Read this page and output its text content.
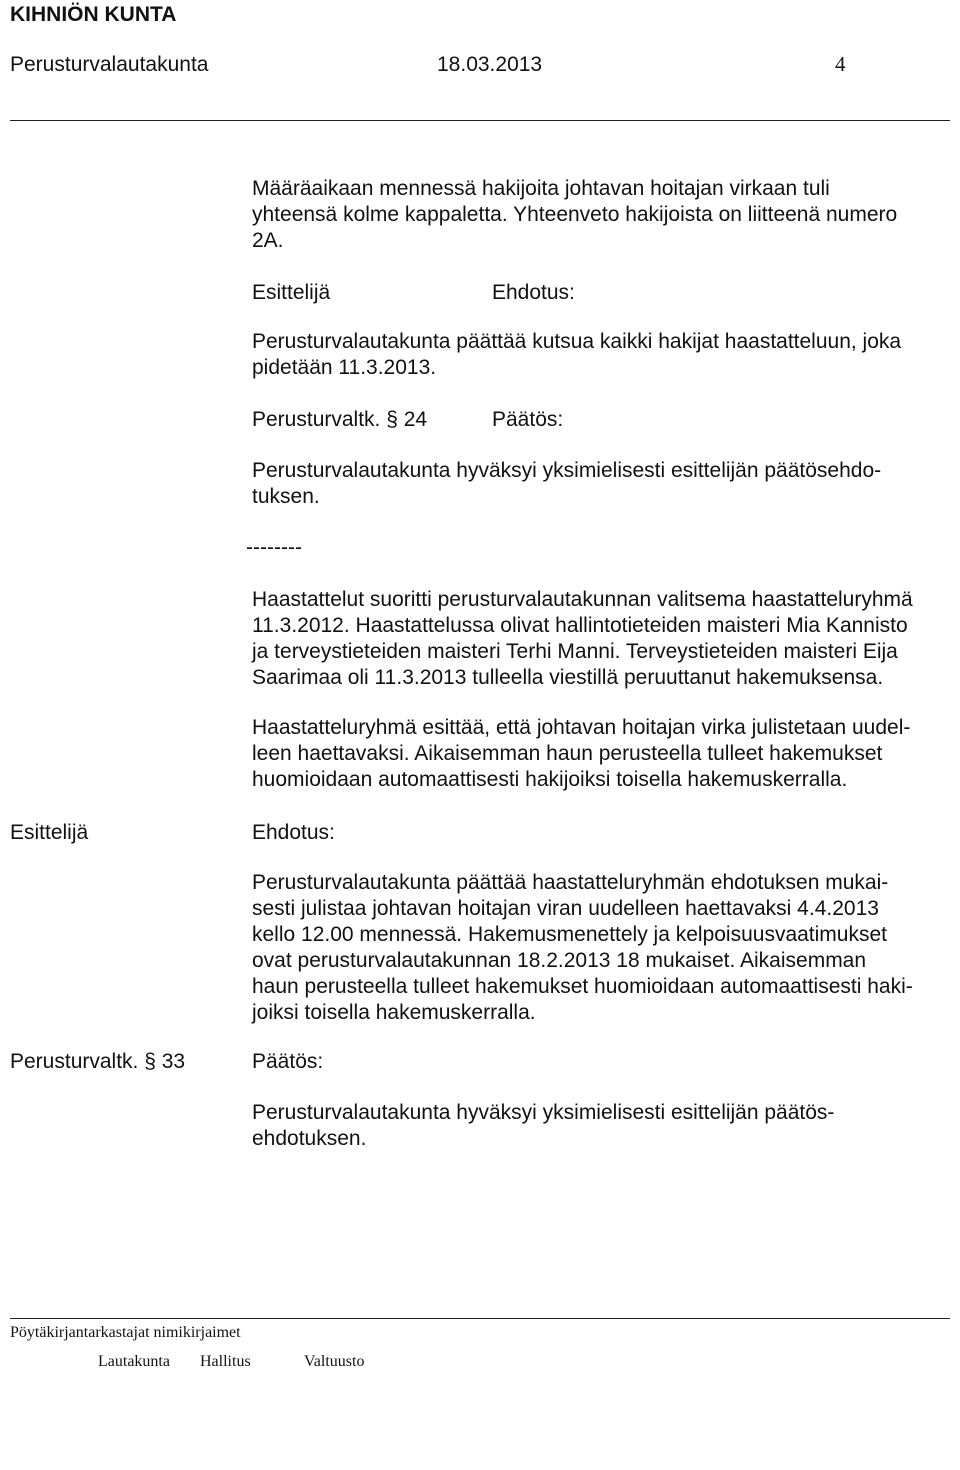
KIHNIÖN KUNTA
Perusturvalautakunta	18.03.2013	4
Määräaikaan mennessä hakijoita johtavan hoitajan virkaan tuli
yhteensä kolme kappaletta. Yhteenveto hakijoista on liitteenä numero
2A.
Esittelijä	Ehdotus:
Perusturvalautakunta päättää kutsua kaikki hakijat haastatteluun, joka
pidetään 11.3.2013.
Perusturvaltk. § 24	Päätös:
Perusturvalautakunta hyväksyi yksimielisesti esittelijän päätösehdo-
tuksen.
--------
Haastattelut suoritti perusturvalautakunnan valitsema haastatteluryhmä
11.3.2012. Haastattelussa olivat hallintotieteiden maisteri Mia Kannisto
ja terveystieteiden maisteri Terhi Manni. Terveystieteiden maisteri Eija
Saarimaa oli 11.3.2013 tulleella viestillä peruuttanut hakemuksensa.
Haastatteluryhmä esittää, että johtavan hoitajan virka julistetaan uudel-
leen haettavaksi. Aikaisemman haun perusteella tulleet hakemukset
huomioidaan automaattisesti hakijoiksi toisella hakemuskerralla.
Esittelijä	Ehdotus:
Perusturvalautakunta päättää haastatteluryhmän ehdotuksen mukai-
sesti julistaa johtavan hoitajan viran uudelleen haettavaksi 4.4.2013
kello 12.00 mennessä. Hakemusmenettely ja kelpoisuusvaatimukset
ovat perusturvalautakunnan 18.2.2013 18 mukaiset. Aikaisemman
haun perusteella tulleet hakemukset huomioidaan automaattisesti haki-
joiksi toisella hakemuskerralla.
Perusturvaltk. § 33	Päätös:
Perusturvalautakunta hyväksyi yksimielisesti esittelijän päätös-
ehdotuksen.
Pöytäkirjantarkastajat nimikirjaimet
Lautakunta Hallitus	Valtuusto
